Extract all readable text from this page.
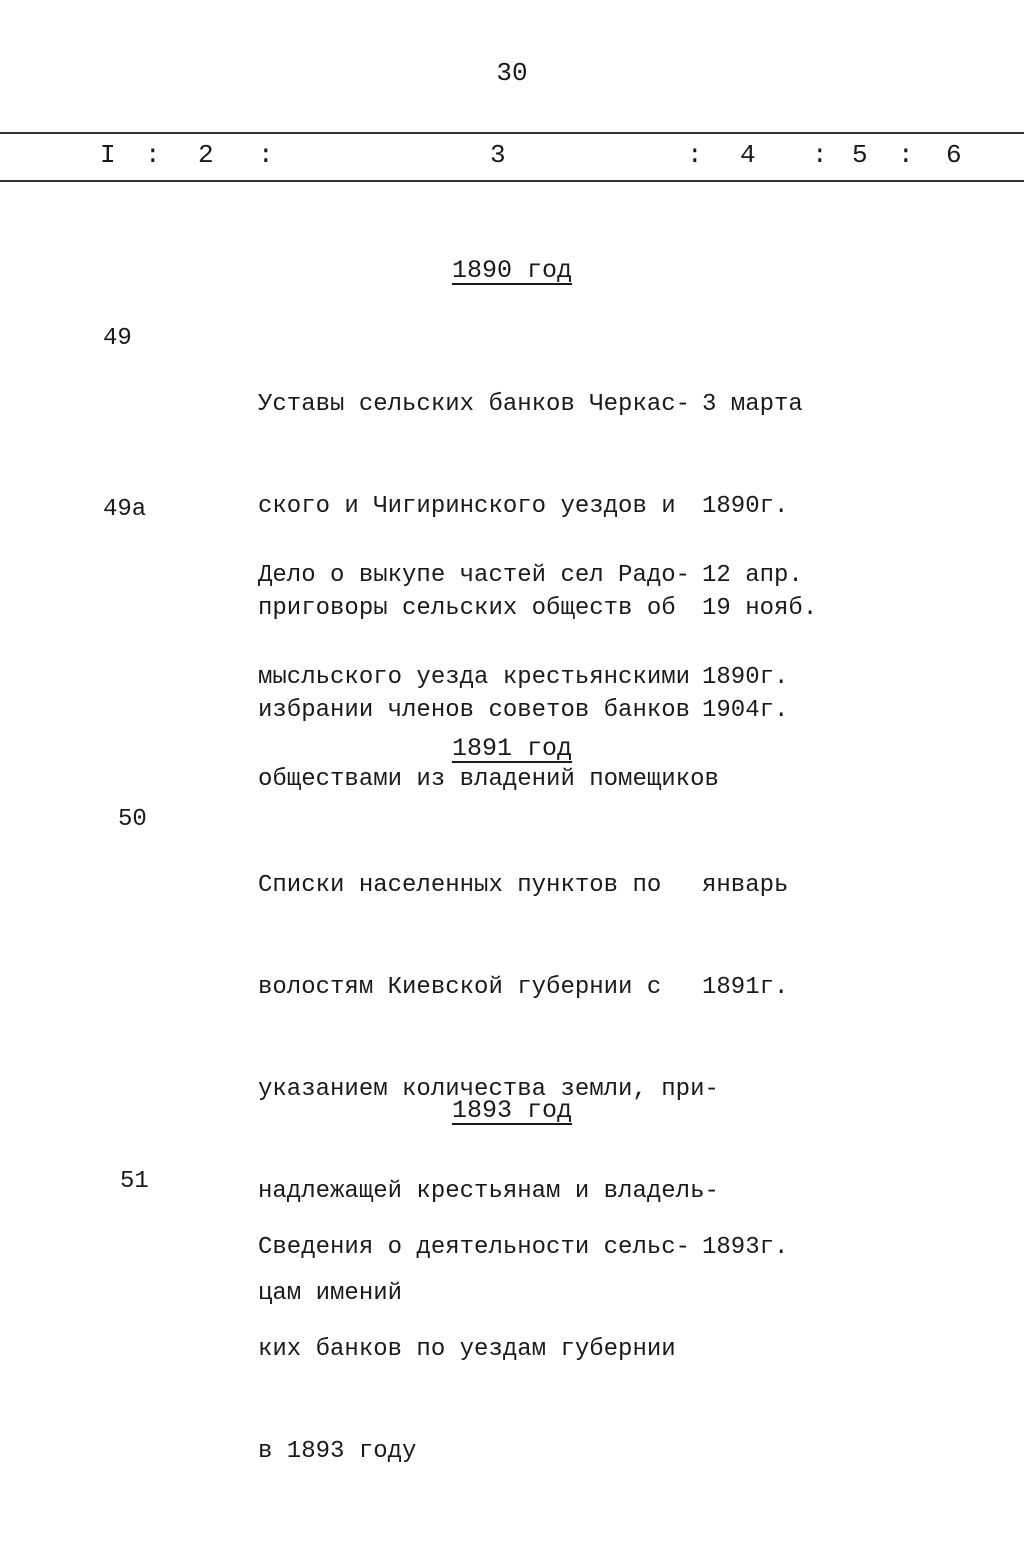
30
I : 2 :	3	: 4 : 5 : 6
1890 год
49

Уставы сельских банков Черкас-

ского и Чигиринского уездов и

приговоры сельских обществ об

избрании членов советов банков

3 марта

1890г.

19 нояб.

1904г.

49а

Дело о выкупе частей сел Радо-

мысльского уезда крестьянскими

обществами из владений помещиков

12 апр.

1890г.

1891 год
50

Списки населенных пунктов по

волостям Киевской губернии с

указанием количества земли, при-

надлежащей крестьянам и владель-

цам имений

январь

1891г.

1893 год
51

Сведения о деятельности сельс-

ких банков по уездам губернии

в 1893 году

1893г.
